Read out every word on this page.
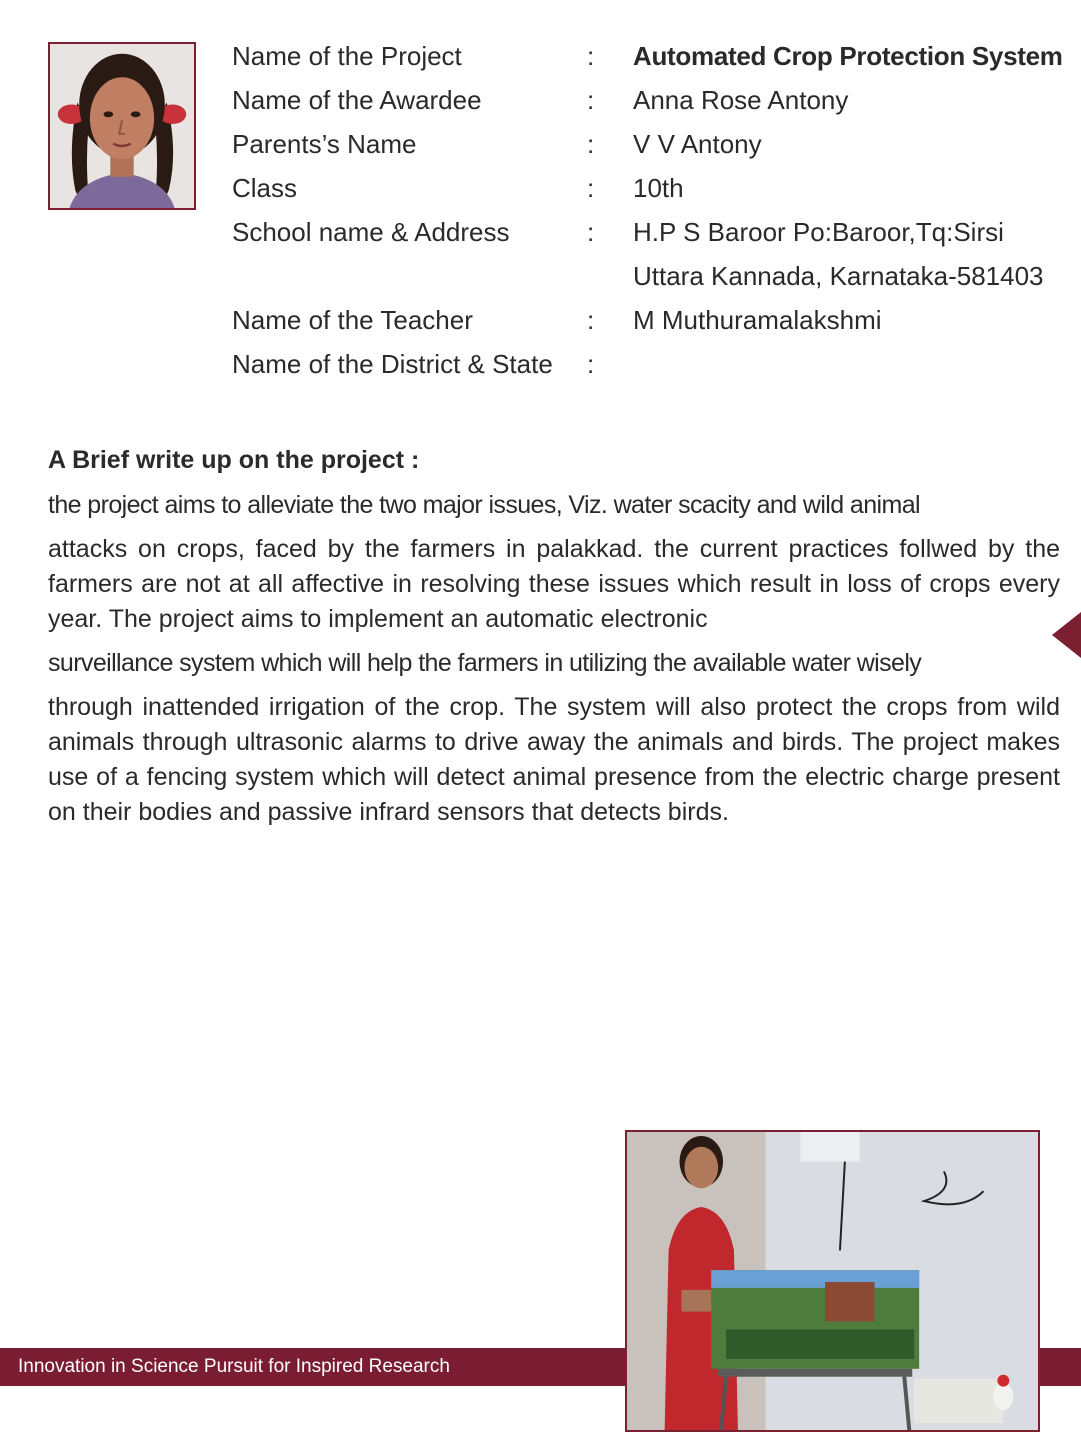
Name of the Project	: Automated Crop Protection System
Name of the Awardee	: Anna Rose Antony
Parents’s Name	: V V Antony
Class	: 10th
School name & Address	: H.P S Baroor Po:Baroor,Tq:Sirsi
Uttara Kannada, Karnataka-581403
Name of the Teacher	: M Muthuramalakshmi
Name of the District & State :
A Brief write up on the project :

the project aims to alleviate the two major issues, Viz. water scacity and wild animal

attacks on crops, faced by the farmers in palakkad. the current practices follwed by the farmers are not at all affective in resolving these issues which result in loss of crops every year. The project aims to implement an automatic electronic

surveillance system which will help the farmers in utilizing the available water wisely

through inattended irrigation of the crop. The system will also protect the crops from wild animals through ultrasonic alarms to drive away the animals and birds. The project makes use of a fencing system which will detect animal presence from the electric charge present on their bodies and passive infrard sensors that detects birds.

Innovation in Science Pursuit for Inspired Research
